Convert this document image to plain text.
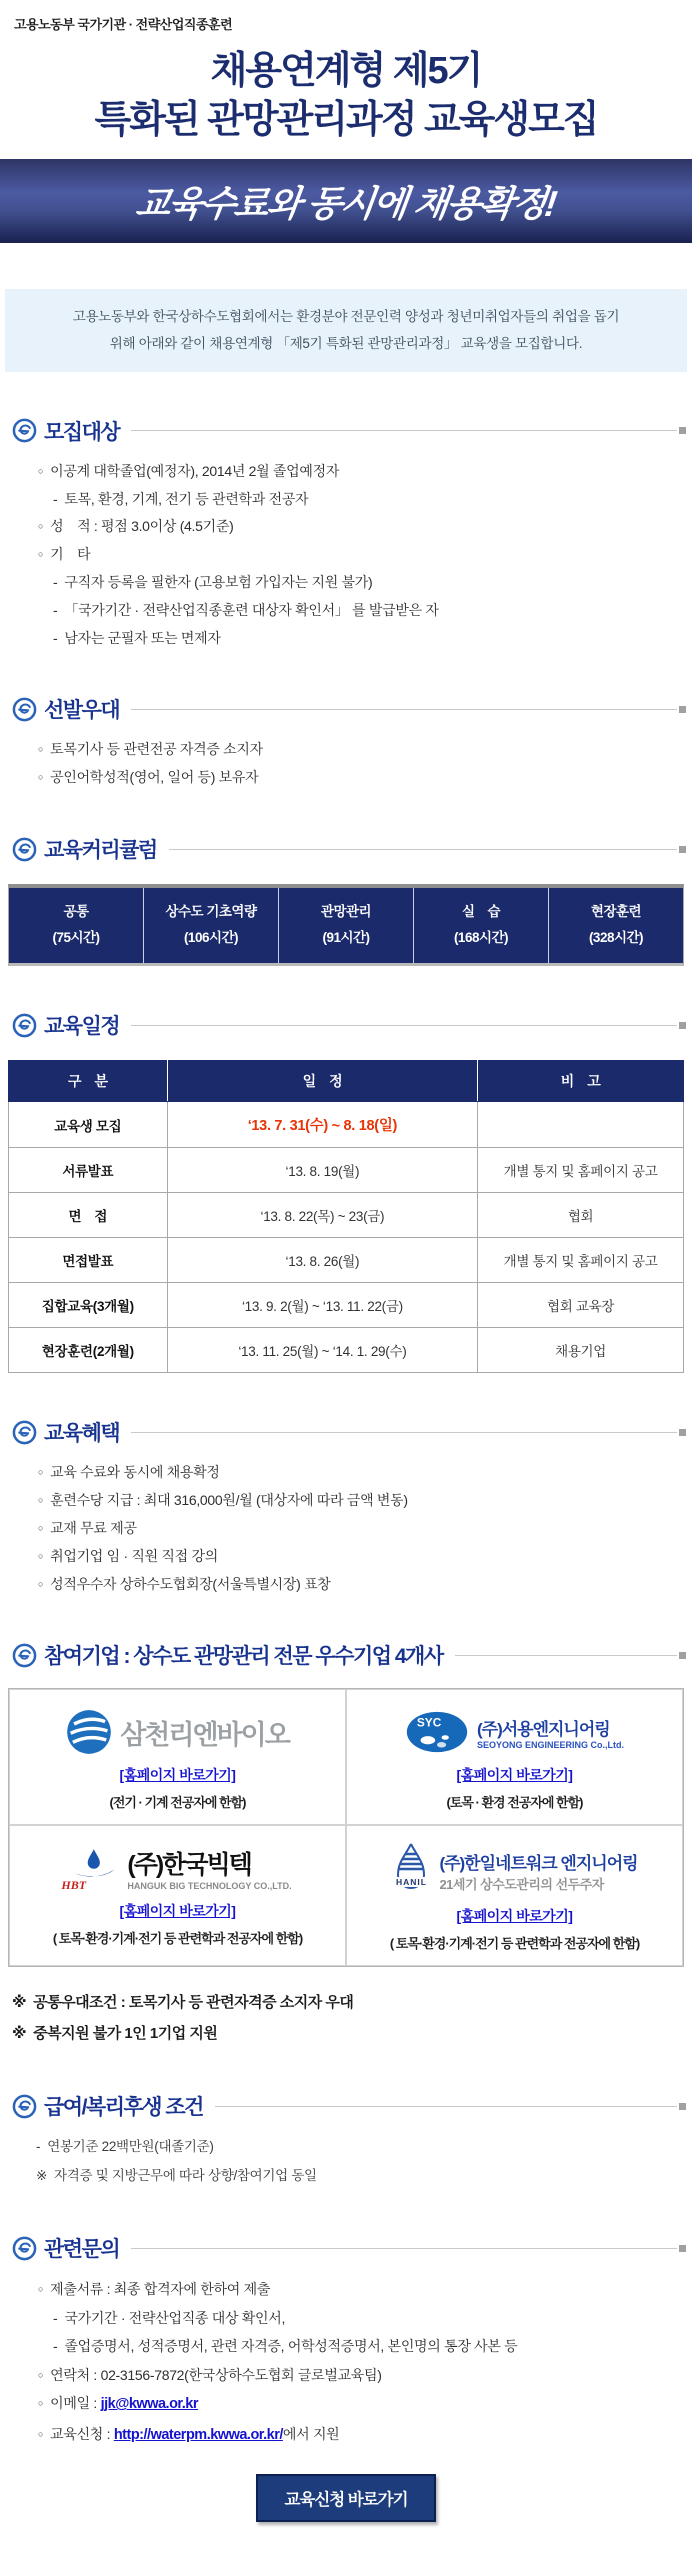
고용노동부 국가기관 · 전략산업직종훈련
채용연계형 제5기
특화된 관망관리과정 교육생모집
교육수료와 동시에 채용확정!
고용노동부와 한국상하수도협회에서는 환경분야 전문인력 양성과 청년미취업자들의 취업을 돕기
위해 아래와 같이 채용연계형 「제5기 특화된 관망관리과정」 교육생을 모집합니다.
모집대상
○ 이공계 대학졸업(예정자), 2014년 2월 졸업예정자
- 토목, 환경, 기계, 전기 등 관련학과 전공자
○ 성　적 : 평점 3.0이상 (4.5기준)
○ 기　타
- 구직자 등록을 필한자 (고용보험 가입자는 지원 불가)
- 「국가기간 · 전략산업직종훈련 대상자 확인서」 를 발급받은 자
- 남자는 군필자 또는 면제자
선발우대
○ 토목기사 등 관련전공 자격증 소지자
○ 공인어학성적(영어, 일어 등) 보유자
교육커리큘럼
공통
(75시간)
상수도 기초역량
(106시간)
관망관리
(91시간)
실　습
(168시간)
현장훈련
(328시간)
교육일정
구　분	일　정	비　고
교육생 모집	‘13. 7. 31(수) ~ 8. 18(일)	
서류발표	‘13. 8. 19(월)	개별 통지 및 홈페이지 공고
면　접	‘13. 8. 22(목) ~ 23(금)	협회
면접발표	‘13. 8. 26(월)	개별 통지 및 홈페이지 공고
집합교육(3개월)	‘13. 9. 2(월) ~ ‘13. 11. 22(금)	협회 교육장
현장훈련(2개월)	‘13. 11. 25(월) ~ ‘14. 1. 29(수)	채용기업
교육혜택
○ 교육 수료와 동시에 채용확정
○ 훈련수당 지급 : 최대 316,000원/월 (대상자에 따라 금액 변동)
○ 교재 무료 제공
○ 취업기업 임 · 직원 직접 강의
○ 성적우수자 상하수도협회장(서울특별시장) 표창
참여기업 : 상수도 관망관리 전문 우수기업 4개사
삼천리엔바이오
[홈페이지 바로가기]
(전기 · 기계 전공자에 한함)
SYC (주)서용엔지니어링
SEOYONG ENGINEERING Co.,Ltd.
[홈페이지 바로가기]
(토목 · 환경 전공자에 한함)
HBT
(주)한국빅텍
HANGUK BIG TECHNOLOGY CO.,LTD.
[홈페이지 바로가기]
( 토목·환경·기계·전기 등 관련학과 전공자에 한함)
HANIL
(주)한일네트워크 엔지니어링
21세기 상수도관리의 선두주자
[홈페이지 바로가기]
( 토목·환경·기계·전기 등 관련학과 전공자에 한함)
※ 공통우대조건 : 토목기사 등 관련자격증 소지자 우대
※ 중복지원 불가 1인 1기업 지원
급여/복리후생 조건
- 연봉기준 22백만원(대졸기준)
※ 자격증 및 지방근무에 따라 상향/참여기업 동일
관련문의
○ 제출서류 : 최종 합격자에 한하여 제출
- 국가기간 · 전략산업직종 대상 확인서,
- 졸업증명서, 성적증명서, 관련 자격증, 어학성적증명서, 본인명의 통장 사본 등
○ 연락처 : 02-3156-7872(한국상하수도협회 글로벌교육팀)
○ 이메일 : jjk@kwwa.or.kr
○ 교육신청 : http://waterpm.kwwa.or.kr/ 에서 지원
교육신청 바로가기
